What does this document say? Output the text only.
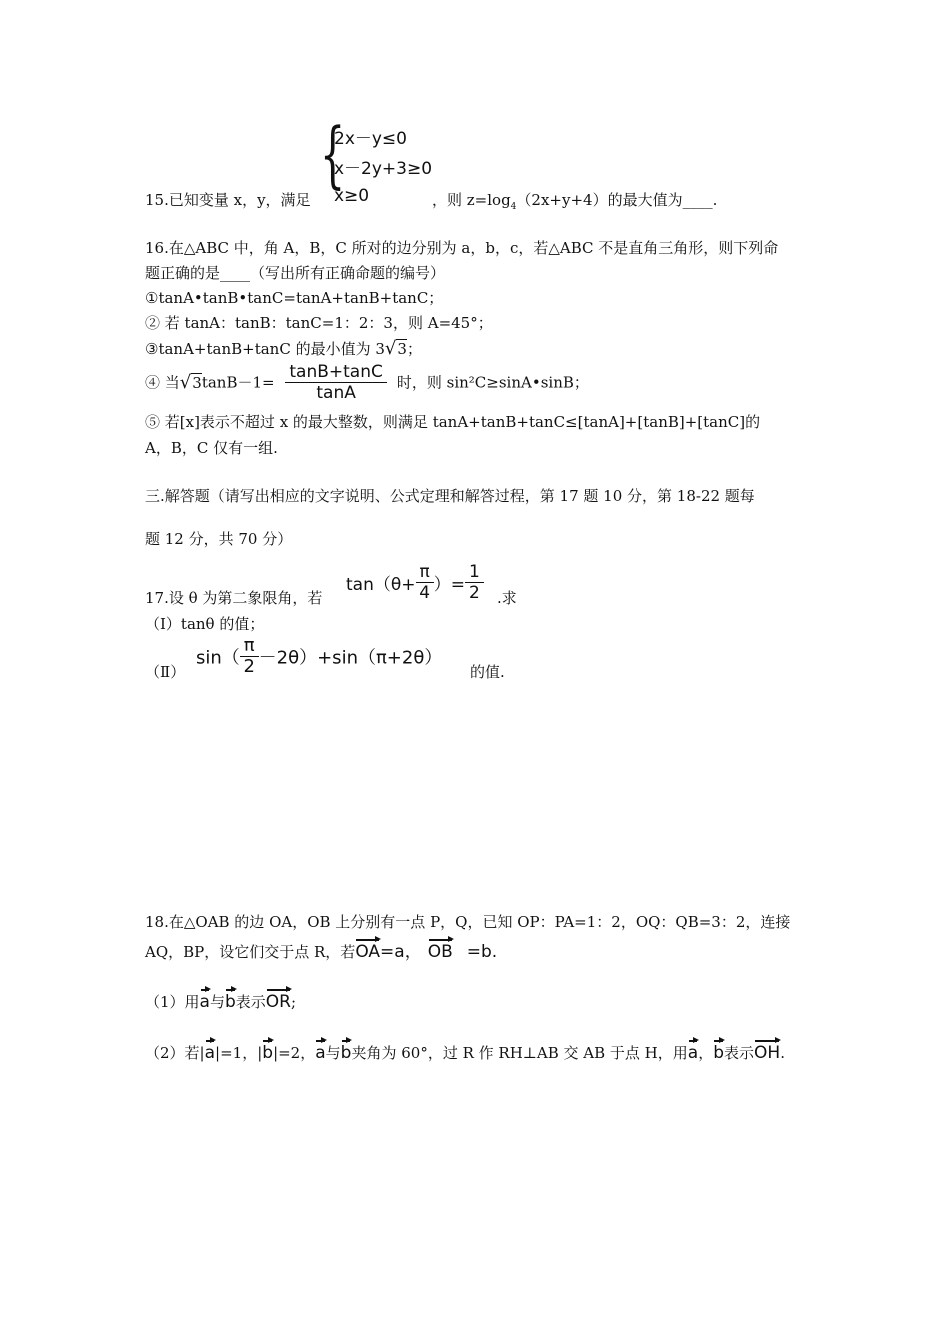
{
2x－y≤0
x－2y+3≥0
x≥0
15.已知变量 x，y，满足	，则 $z=\log_4(2x+y+4)$的最大值为____.
16.在△ABC 中，角 A，B，C 所对的边分别为 a，b，c，若△ABC 不是直角三角形，则下列命
题正确的是____（写出所有正确命题的编号）
①tanA•tanB•tanC=tanA+tanB+tanC；
② 若 tanA：tanB：tanC=1：2：3，则 A=45°；
③tanA+tanB+tanC 的最小值为 3√3；
④ 当$√3\tan B-1= \frac{\tan B+\tan C}{\tan A}$ 时，则 sin²C≥sinA•sinB；
⑤ 若[x]表示不超过 x 的最大整数，则满足 tanA+tanB+tanC≤[tanA]+[tanB]+[tanC]的
A，B，C 仅有一组.
三.解答题（请写出相应的文字说明、公式定理和解答过程，第 17 题 10 分，第 18-22 题每
题 12 分，共 70 分）
17.设 θ 为第二象限角，若
$\tan(\theta+ \frac{\pi}{4}$ ）= $\frac{1}{2}$ .求
（Ⅰ）tanθ 的值；
（Ⅱ）
$\sin( \frac{\pi}{2} -2\theta)+\sin(\pi+2\theta)$
的值.
18.在△OAB 的边 OA，OB 上分别有一点 P，Q，已知 OP：PA=1：2，OQ：QB=3：2，连接
AQ，BP，设它们交于点 R，若OA=a， OB =b.
（1）用a与b表示OR;
（2）若|a|=1，|b|=2，a与b夹角为 60°，过 R 作 RH⊥AB 交 AB 于点 H，用a，b表示OH.
